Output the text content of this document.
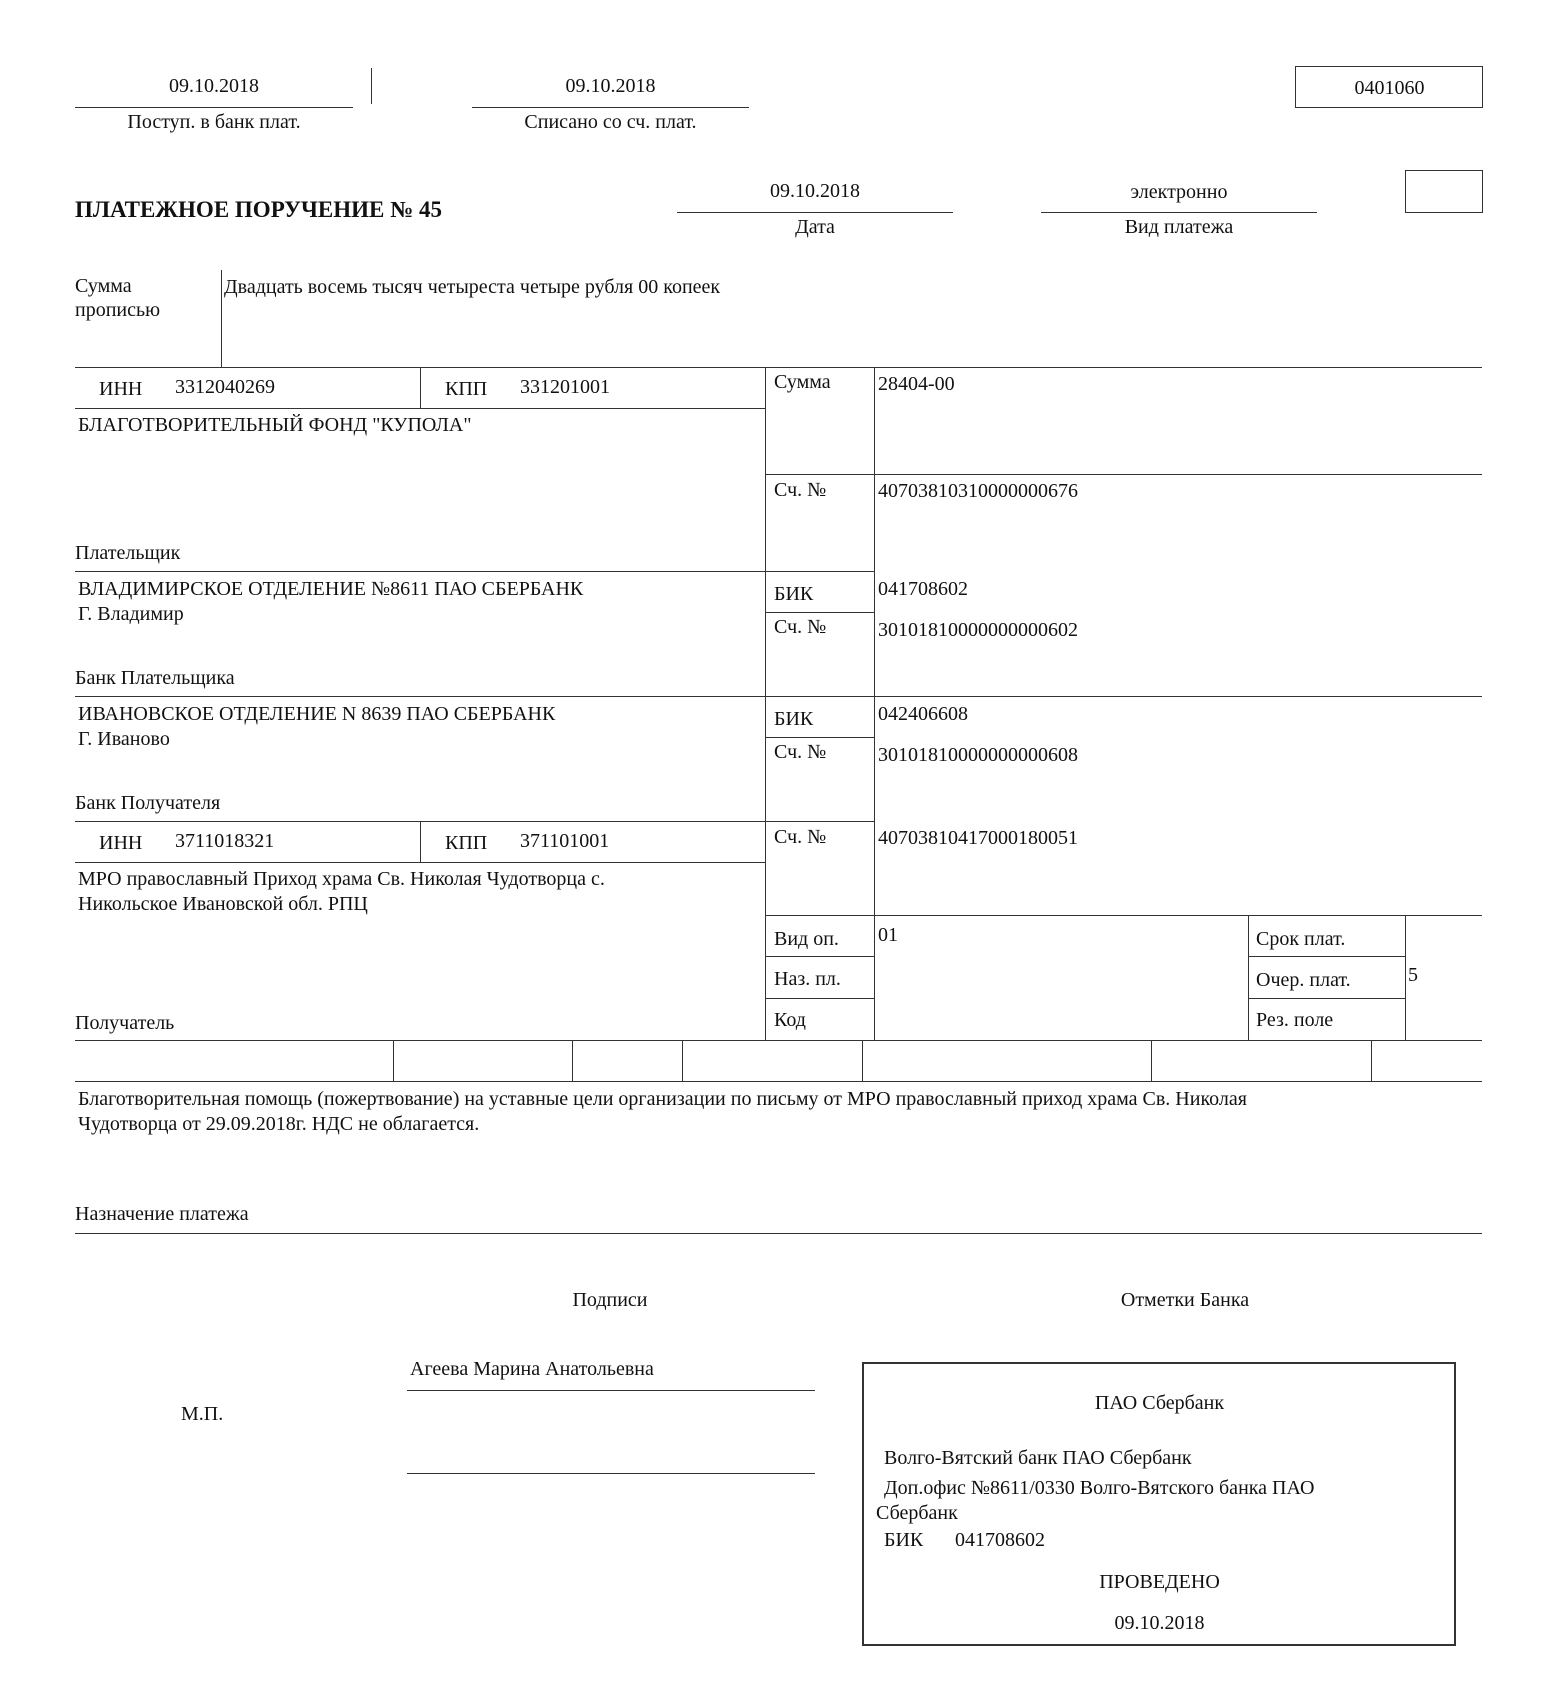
09.10.2018
Поступ. в банк плат.
09.10.2018
Списано со сч. плат.
0401060
ПЛАТЕЖНОЕ ПОРУЧЕНИЕ № 45
09.10.2018
Дата
электронно
Вид платежа
Сумма
прописью
Двадцать восемь тысяч четыреста четыре рубля 00 копеек
ИНН 3312040269	КПП 331201001
БЛАГОТВОРИТЕЛЬНЫЙ ФОНД "КУПОЛА"
Плательщик
Сумма 28404-00
Сч. №	40703810310000000676
ВЛАДИМИРСКОЕ ОТДЕЛЕНИЕ №8611 ПАО СБЕРБАНК
Г. Владимир
Банк Плательщика
БИК	041708602
Сч. №	30101810000000000602
ИВАНОВСКОЕ ОТДЕЛЕНИЕ N 8639 ПАО СБЕРБАНК
Г. Иваново
Банк Получателя
БИК	042406608
Сч. №	30101810000000000608
ИНН 3711018321	КПП 371101001
МРО православный Приход храма Св. Николая Чудотворца с.
Никольское Ивановской обл. РПЦ
Получатель
Сч. №	40703810417000180051
Вид оп. 01
Наз. пл.
Код
Срок плат.
Очер. плат.	5
Рез. поле
Благотворительная помощь (пожертвование) на уставные цели организации по письму от МРО православный приход храма Св. Николая
Чудотворца от 29.09.2018г. НДС не облагается.
Назначение платежа
Подписи	Отметки Банка
М.П.
Агеева Марина Анатольевна
ПАО Сбербанк
Волго-Вятский банк ПАО Сбербанк
Доп.офис №8611/0330 Волго-Вятского банка ПАО
Сбербанк
БИК 041708602
ПРОВЕДЕНО
09.10.2018
